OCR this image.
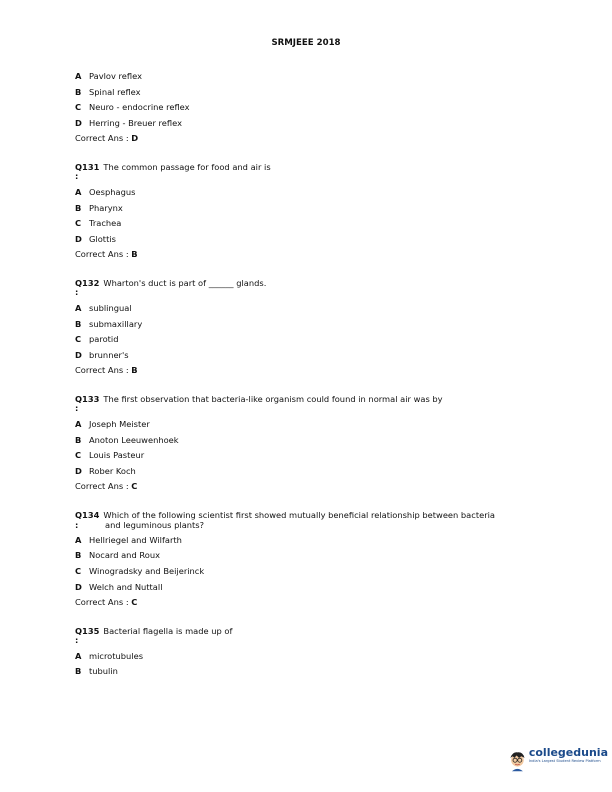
SRMJEEE 2018
A Pavlov reflex
B Spinal reflex
C Neuro - endocrine reflex
D Herring - Breuer reflex
Correct Ans : D
Q131 The common passage for food and air is
:
A Oesphagus
B Pharynx
C Trachea
D Glottis
Correct Ans : B
Q132 Wharton's duct is part of ______ glands.
:
A sublingual
B submaxillary
C parotid
D brunner's
Correct Ans : B
Q133 The first observation that bacteria-like organism could found in normal air was by
:
A Joseph Meister
B Anoton Leeuwenhoek
C Louis Pasteur
D Rober Koch
Correct Ans : C
Q134 Which of the following scientist first showed mutually beneficial relationship between bacteria
:	and leguminous plants?
A Hellriegel and Wilfarth
B Nocard and Roux
C Winogradsky and Beijerinck
D Welch and Nuttall
Correct Ans : C
Q135 Bacterial flagella is made up of
:
A microtubules
B tubulin
collegedunia
India's Largest Student Review Platform
